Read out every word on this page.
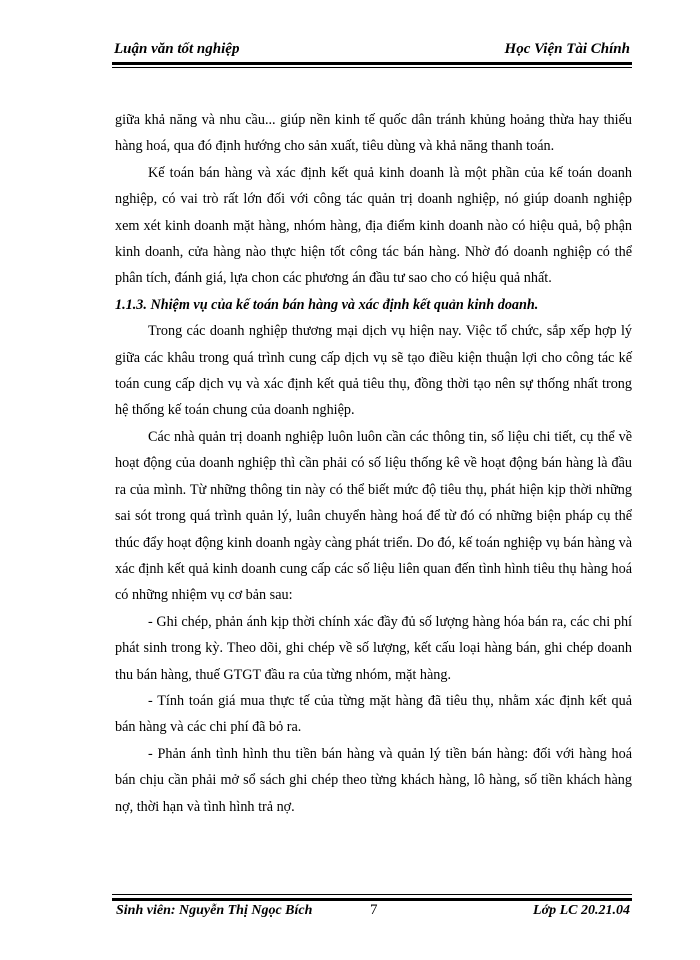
Luận văn tốt nghiệp	Học Viện Tài Chính

giữa khả năng và nhu cầu... giúp nền kinh tế quốc dân tránh khủng hoảng thừa hay thiếu hàng hoá, qua đó định hướng cho sản xuất, tiêu dùng và khả năng thanh toán.

Kế toán bán hàng và xác định kết quả kinh doanh là một phần của kế toán doanh nghiệp, có vai trò rất lớn đối với công tác quản trị doanh nghiệp, nó giúp doanh nghiệp xem xét kinh doanh mặt hàng, nhóm hàng, địa điểm kinh doanh nào có hiệu quả, bộ phận kinh doanh, cửa hàng nào thực hiện tốt công tác bán hàng. Nhờ đó doanh nghiệp có thể phân tích, đánh giá, lựa chon các phương án đầu tư sao cho có hiệu quả nhất.

1.1.3. Nhiệm vụ của kế toán bán hàng và xác định kết quản kinh doanh.

Trong các doanh nghiệp thương mại dịch vụ hiện nay. Việc tổ chức, sắp xếp hợp lý giữa các khâu trong quá trình cung cấp dịch vụ sẽ tạo điều kiện thuận lợi cho công tác kế toán cung cấp dịch vụ và xác định kết quả tiêu thụ, đồng thời tạo nên sự thống nhất trong hệ thống kế toán chung của doanh nghiệp.

Các nhà quản trị doanh nghiệp luôn luôn cần các thông tin, số liệu chi tiết, cụ thể về hoạt động của doanh nghiệp thì cần phải có số liệu thống kê về hoạt động bán hàng là đầu ra của mình. Từ những thông tin này có thể biết mức độ tiêu thụ, phát hiện kịp thời những sai sót trong quá trình quản lý, luân chuyển hàng hoá để từ đó có những biện pháp cụ thể thúc đẩy hoạt động kinh doanh ngày càng phát triển. Do đó, kế toán nghiệp vụ bán hàng và xác định kết quả kinh doanh cung cấp các số liệu liên quan đến tình hình tiêu thụ hàng hoá có những nhiệm vụ cơ bản sau:

- Ghi chép, phản ánh kịp thời chính xác đầy đủ số lượng hàng hóa bán ra, các chi phí phát sinh trong kỳ. Theo dõi, ghi chép về số lượng, kết cấu loại hàng bán, ghi chép doanh thu bán hàng, thuế GTGT đầu ra của từng nhóm, mặt hàng.

- Tính toán giá mua thực tế của từng mặt hàng đã tiêu thụ, nhằm xác định kết quả bán hàng và các chi phí đã bỏ ra.

- Phản ánh tình hình thu tiền bán hàng và quản lý tiền bán hàng: đối với hàng hoá bán chịu cần phải mở sổ sách ghi chép theo từng khách hàng, lô hàng, số tiền khách hàng nợ, thời hạn và tình hình trả nợ.

Sinh viên: Nguyễn Thị Ngọc Bích	7	Lớp LC 20.21.04
